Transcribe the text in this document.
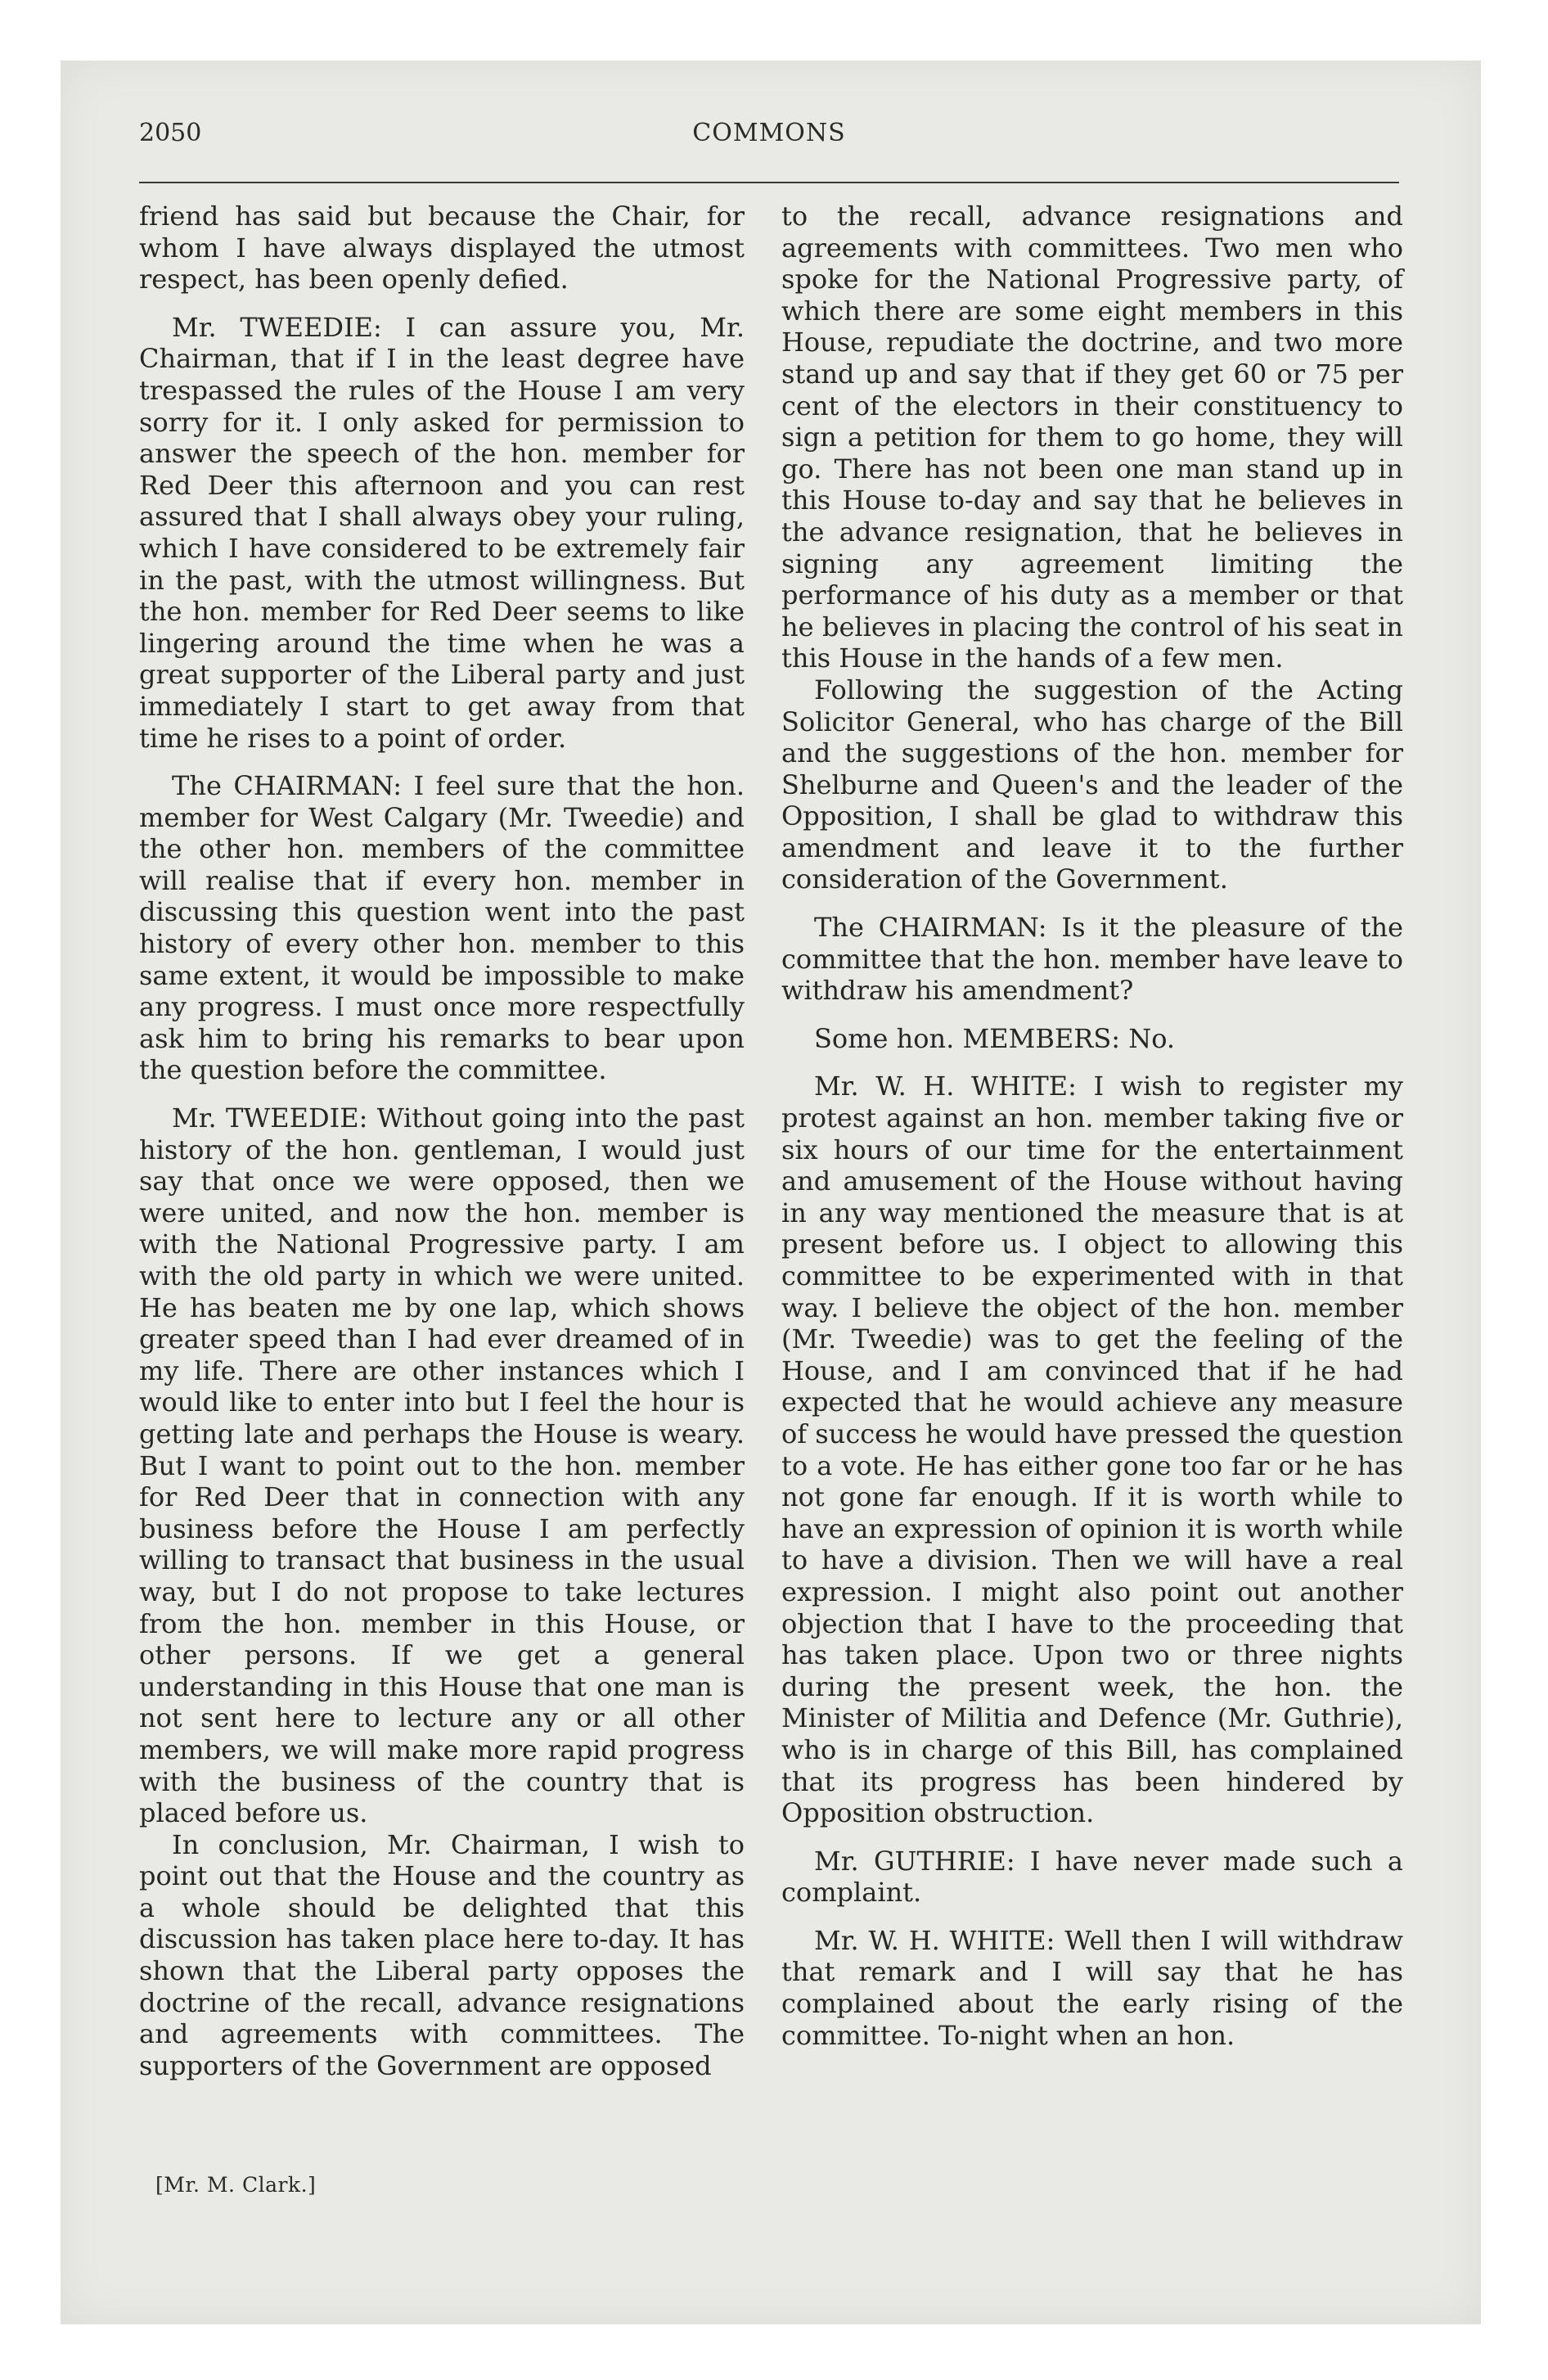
2050	COMMONS

friend has said but because the Chair, for whom I have always displayed the utmost respect, has been openly defied.

Mr. TWEEDIE: I can assure you, Mr. Chairman, that if I in the least degree have trespassed the rules of the House I am very sorry for it. I only asked for permission to answer the speech of the hon. member for Red Deer this afternoon and you can rest assured that I shall always obey your ruling, which I have considered to be extremely fair in the past, with the utmost willingness. But the hon. member for Red Deer seems to like lingering around the time when he was a great supporter of the Liberal party and just immediately I start to get away from that time he rises to a point of order.

The CHAIRMAN: I feel sure that the hon. member for West Calgary (Mr. Tweedie) and the other hon. members of the committee will realise that if every hon. member in discussing this question went into the past history of every other hon. member to this same extent, it would be impossible to make any progress. I must once more respectfully ask him to bring his remarks to bear upon the question before the committee.

Mr. TWEEDIE: Without going into the past history of the hon. gentleman, I would just say that once we were opposed, then we were united, and now the hon. member is with the National Progressive party. I am with the old party in which we were united. He has beaten me by one lap, which shows greater speed than I had ever dreamed of in my life. There are other instances which I would like to enter into but I feel the hour is getting late and perhaps the House is weary. But I want to point out to the hon. member for Red Deer that in connection with any business before the House I am perfectly willing to transact that business in the usual way, but I do not propose to take lectures from the hon. member in this House, or other persons. If we get a general understanding in this House that one man is not sent here to lecture any or all other members, we will make more rapid progress with the business of the country that is placed before us.

In conclusion, Mr. Chairman, I wish to point out that the House and the country as a whole should be delighted that this discussion has taken place here to-day. It has shown that the Liberal party opposes the doctrine of the recall, advance resignations and agreements with committees. The supporters of the Government are opposed

to the recall, advance resignations and agreements with committees. Two men who spoke for the National Progressive party, of which there are some eight members in this House, repudiate the doctrine, and two more stand up and say that if they get 60 or 75 per cent of the electors in their constituency to sign a petition for them to go home, they will go. There has not been one man stand up in this House to-day and say that he believes in the advance resignation, that he believes in signing any agreement limiting the performance of his duty as a member or that he believes in placing the control of his seat in this House in the hands of a few men.

Following the suggestion of the Acting Solicitor General, who has charge of the Bill and the suggestions of the hon. member for Shelburne and Queen's and the leader of the Opposition, I shall be glad to withdraw this amendment and leave it to the further consideration of the Government.

The CHAIRMAN: Is it the pleasure of the committee that the hon. member have leave to withdraw his amendment?

Some hon. MEMBERS: No.

Mr. W. H. WHITE: I wish to register my protest against an hon. member taking five or six hours of our time for the entertainment and amusement of the House without having in any way mentioned the measure that is at present before us. I object to allowing this committee to be experimented with in that way. I believe the object of the hon. member (Mr. Tweedie) was to get the feeling of the House, and I am convinced that if he had expected that he would achieve any measure of success he would have pressed the question to a vote. He has either gone too far or he has not gone far enough. If it is worth while to have an expression of opinion it is worth while to have a division. Then we will have a real expression. I might also point out another objection that I have to the proceeding that has taken place. Upon two or three nights during the present week, the hon. the Minister of Militia and Defence (Mr. Guthrie), who is in charge of this Bill, has complained that its progress has been hindered by Opposition obstruction.

Mr. GUTHRIE: I have never made such a complaint.

Mr. W. H. WHITE: Well then I will withdraw that remark and I will say that he has complained about the early rising of the committee. To-night when an hon.

[Mr. M. Clark.]
